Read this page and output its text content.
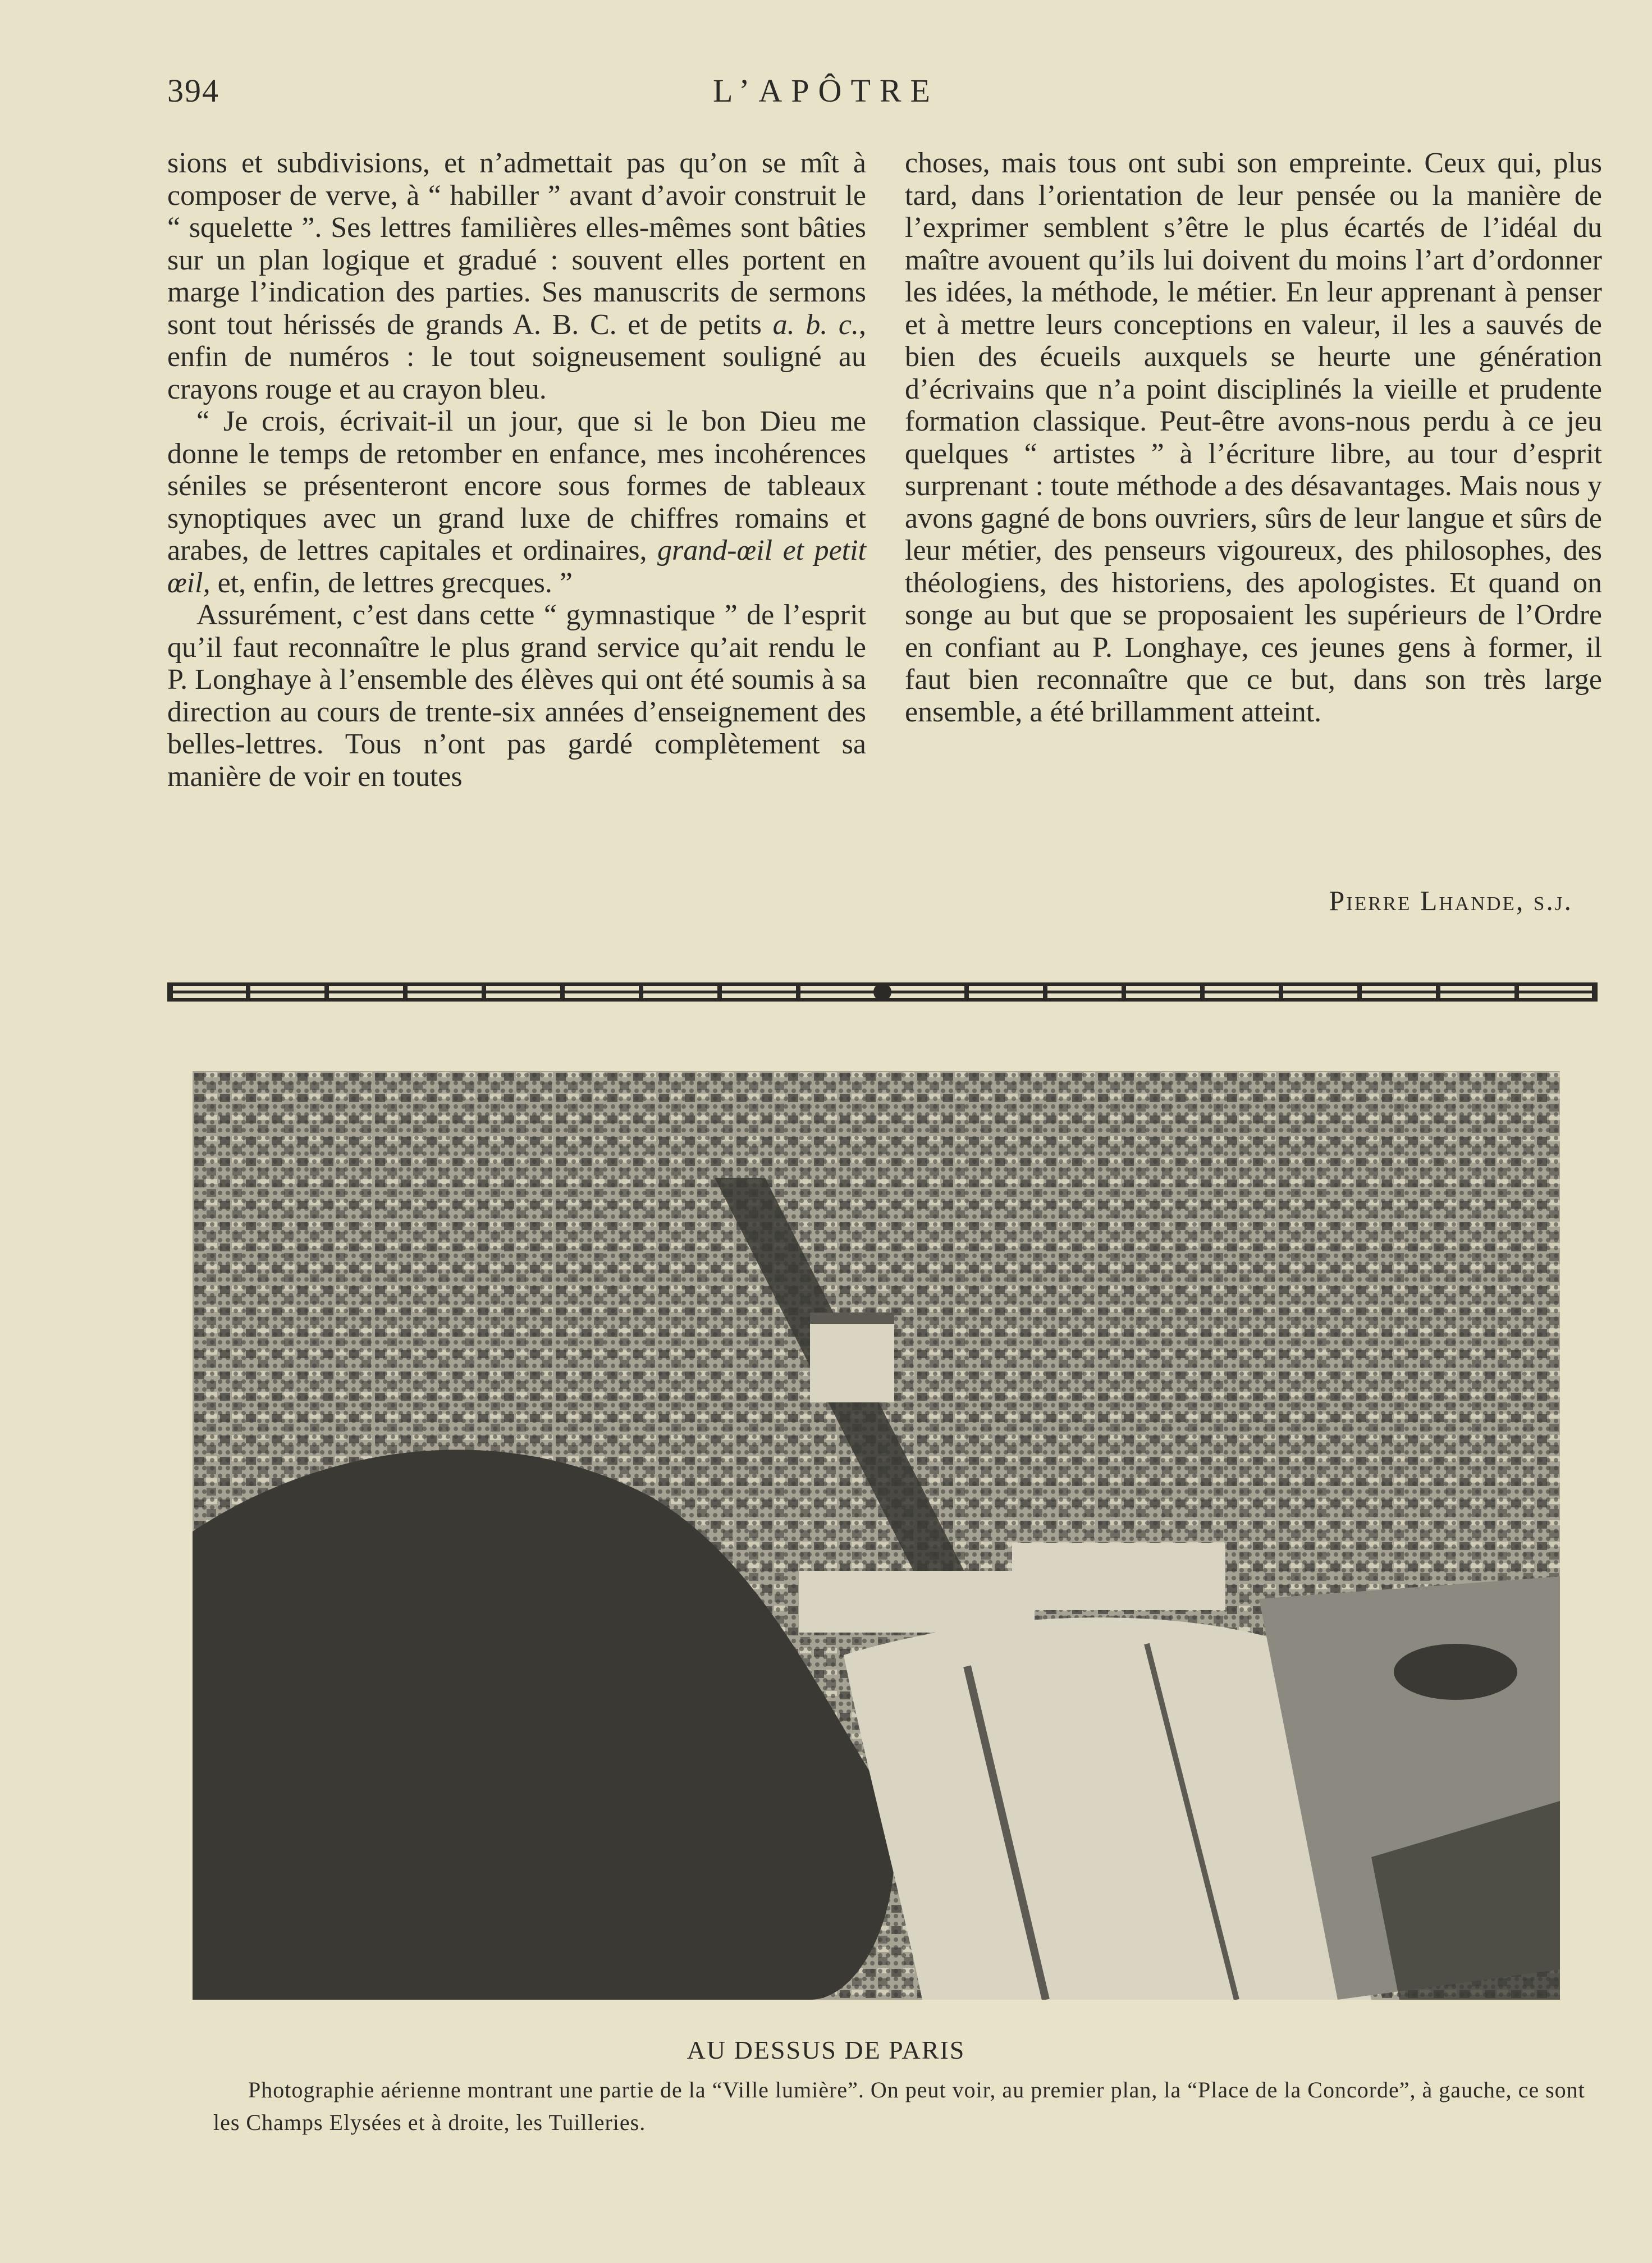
394	L’APÔTRE

sions et subdivisions, et n’admettait pas qu’on se mît à composer de verve, à “ habiller ” avant d’avoir construit le “ squelette ”. Ses lettres familières elles-mêmes sont bâties sur un plan logique et gradué : souvent elles portent en marge l’indication des parties. Ses manuscrits de sermons sont tout hérissés de grands A. B. C. et de petits a. b. c., enfin de numéros : le tout soigneusement souligné au crayons rouge et au crayon bleu.

“ Je crois, écrivait-il un jour, que si le bon Dieu me donne le temps de retomber en enfance, mes incohérences séniles se présenteront encore sous formes de tableaux synoptiques avec un grand luxe de chiffres romains et arabes, de lettres capitales et ordinaires, grand-œil et petit œil, et, enfin, de lettres grecques. ”

Assurément, c’est dans cette “ gymnastique ” de l’esprit qu’il faut reconnaître le plus grand service qu’ait rendu le P. Longhaye à l’ensemble des élèves qui ont été soumis à sa direction au cours de trente-six années d’enseignement des belles-lettres. Tous n’ont pas gardé complètement sa manière de voir en toutes

choses, mais tous ont subi son empreinte. Ceux qui, plus tard, dans l’orientation de leur pensée ou la manière de l’exprimer semblent s’être le plus écartés de l’idéal du maître avouent qu’ils lui doivent du moins l’art d’ordonner les idées, la méthode, le métier. En leur apprenant à penser et à mettre leurs conceptions en valeur, il les a sauvés de bien des écueils auxquels se heurte une génération d’écrivains que n’a point disciplinés la vieille et prudente formation classique. Peut-être avons-nous perdu à ce jeu quelques “ artistes ” à l’écriture libre, au tour d’esprit surprenant : toute méthode a des désavantages. Mais nous y avons gagné de bons ouvriers, sûrs de leur langue et sûrs de leur métier, des penseurs vigoureux, des philosophes, des théologiens, des historiens, des apologistes. Et quand on songe au but que se proposaient les supérieurs de l’Ordre en confiant au P. Longhaye, ces jeunes gens à former, il faut bien reconnaître que ce but, dans son très large ensemble, a été brillamment atteint.

Pierre Lhande, s.j.
AU DESSUS DE PARIS
Photographie aérienne montrant une partie de la “Ville lumière”. On peut voir, au premier plan, la “Place de la Concorde”, à gauche, ce sont les Champs Elysées et à droite, les Tuilleries.
